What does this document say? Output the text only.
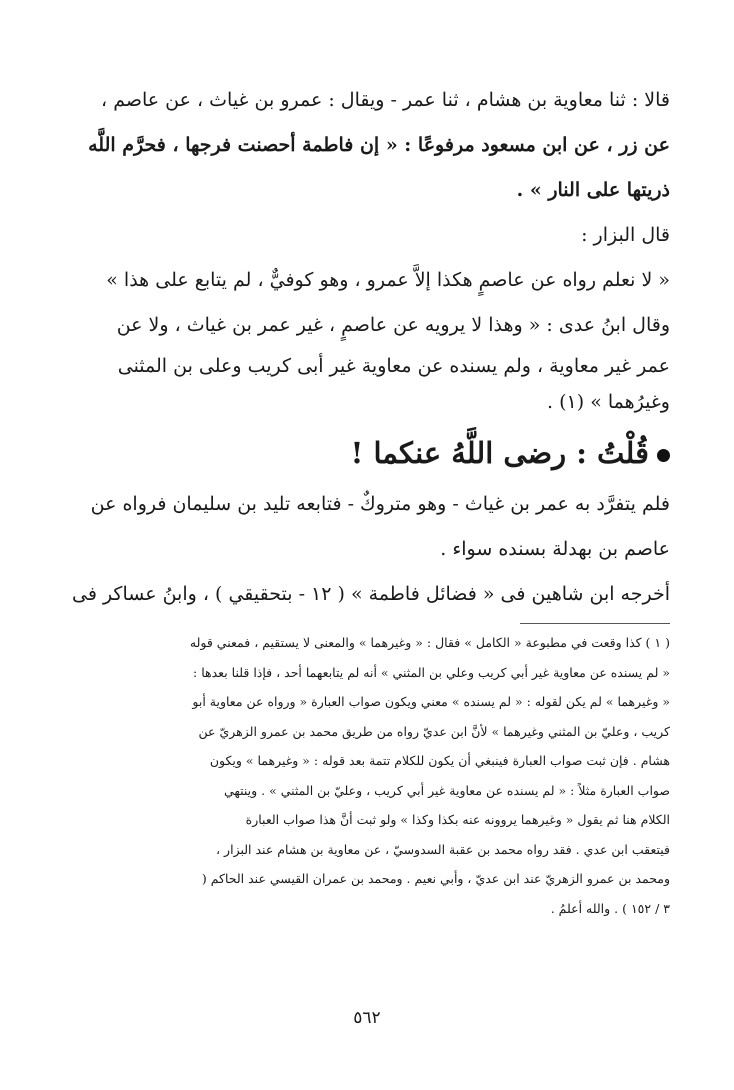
قالا : ثنا معاوية بن هشام ، ثنا عمر - ويقال : عمرو بن غياث ، عن عاصم ،
عن زر ، عن ابن مسعود مرفوعًا : « إن فاطمة أحصنت فرجها ، فحرَّم اللَّه
ذريتها على النار » .
قال البزار :
« لا نعلم رواه عن عاصمٍ هكذا إلاَّ عمرو ، وهو كوفيٌّ ، لم يتابع على هذا »
وقال ابنُ عدى : « وهذا لا يرويه عن عاصمٍ ، غير عمر بن غياث ، ولا عن
عمر غير معاوية ، ولم يسنده عن معاوية غير أبى كريب وعلى بن المثنى
وغيرُهما » (١) .
قُلْتُ : رضى اللَّهُ عنكما !
فلم يتفرَّد به عمر بن غياث - وهو متروكٌ - فتابعه تليد بن سليمان فرواه عن
عاصم بن بهدلة بسنده سواء .
أخرجه ابن شاهين فى « فضائل فاطمة » ( ١٢ - بتحقيقي ) ، وابنُ عساكر فى
( ١ ) كذا وقعت في مطبوعة « الكامل » فقال : « وغيرهما » والمعنى لا يستقيم ، فمعني قوله
« لم يسنده عن معاوية غير أبي كريب وعلي بن المثني » أنه لم يتابعهما أحد ، فإذا قلنا بعدها :
« وغيرهما » لم يكن لقوله : « لم يسنده » معني ويكون صواب العبارة « ورواه عن معاوية أبو
كريب ، وعليّ بن المثني وغيرهما » لأنَّ ابن عديّ رواه من طريق محمد بن عمرو الزهريّ عن
هشام . فإن ثبت صواب العبارة فينبغي أن يكون للكلام تتمة بعد قوله : « وغيرهما » ويكون
صواب العبارة مثلاً : « لم يسنده عن معاوية غير أبي كريب ، وعليّ بن المثني » . وينتهي
الكلام هنا ثم يقول « وغيرهما يروونه عنه بكذا وكذا » ولو ثبت أنَّ هذا صواب العبارة
فيتعقب ابن عدي . فقد رواه محمد بن عقبة السدوسيّ ، عن معاوية بن هشام عند البزار ،
ومحمد بن عمرو الزهريّ عند ابن عديّ ، وأبي نعيم . ومحمد بن عمران القيسي عند الحاكم (
٣ / ١٥٢ ) . والله أعلمُ .
٥٦٢
